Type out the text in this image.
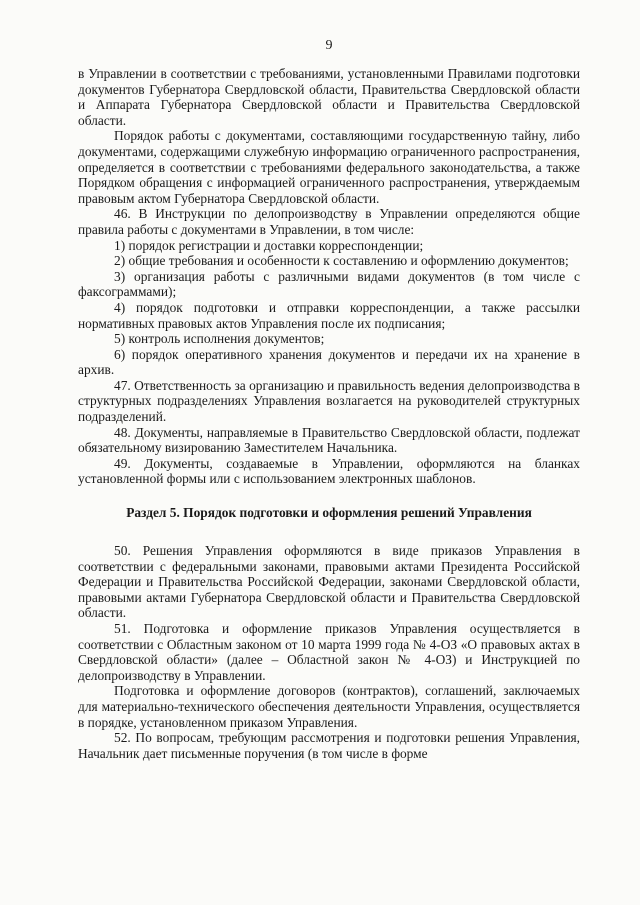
9

в Управлении в соответствии с требованиями, установленными Правилами подготовки документов Губернатора Свердловской области, Правительства Свердловской области и Аппарата Губернатора Свердловской области и Правительства Свердловской области.

Порядок работы с документами, составляющими государственную тайну, либо документами, содержащими служебную информацию ограниченного распространения, определяется в соответствии с требованиями федерального законодательства, а также Порядком обращения с информацией ограниченного распространения, утверждаемым правовым актом Губернатора Свердловской области.

46. В Инструкции по делопроизводству в Управлении определяются общие правила работы с документами в Управлении, в том числе:

1) порядок регистрации и доставки корреспонденции;

2) общие требования и особенности к составлению и оформлению документов;

3) организация работы с различными видами документов (в том числе с факсограммами);

4) порядок подготовки и отправки корреспонденции, а также рассылки нормативных правовых актов Управления после их подписания;

5) контроль исполнения документов;

6) порядок оперативного хранения документов и передачи их на хранение в архив.

47. Ответственность за организацию и правильность ведения делопроизводства в структурных подразделениях Управления возлагается на руководителей структурных подразделений.

48. Документы, направляемые в Правительство Свердловской области, подлежат обязательному визированию Заместителем Начальника.

49. Документы, создаваемые в Управлении, оформляются на бланках установленной формы или с использованием электронных шаблонов.

Раздел 5. Порядок подготовки и оформления решений Управления

50. Решения Управления оформляются в виде приказов Управления в соответствии с федеральными законами, правовыми актами Президента Российской Федерации и Правительства Российской Федерации, законами Свердловской области, правовыми актами Губернатора Свердловской области и Правительства Свердловской области.

51. Подготовка и оформление приказов Управления осуществляется в соответствии с Областным законом от 10 марта 1999 года № 4-ОЗ «О правовых актах в Свердловской области» (далее – Областной закон № 4-ОЗ) и Инструкцией по делопроизводству в Управлении.

Подготовка и оформление договоров (контрактов), соглашений, заключаемых для материально-технического обеспечения деятельности Управления, осуществляется в порядке, установленном приказом Управления.

52. По вопросам, требующим рассмотрения и подготовки решения Управления, Начальник дает письменные поручения (в том числе в форме
